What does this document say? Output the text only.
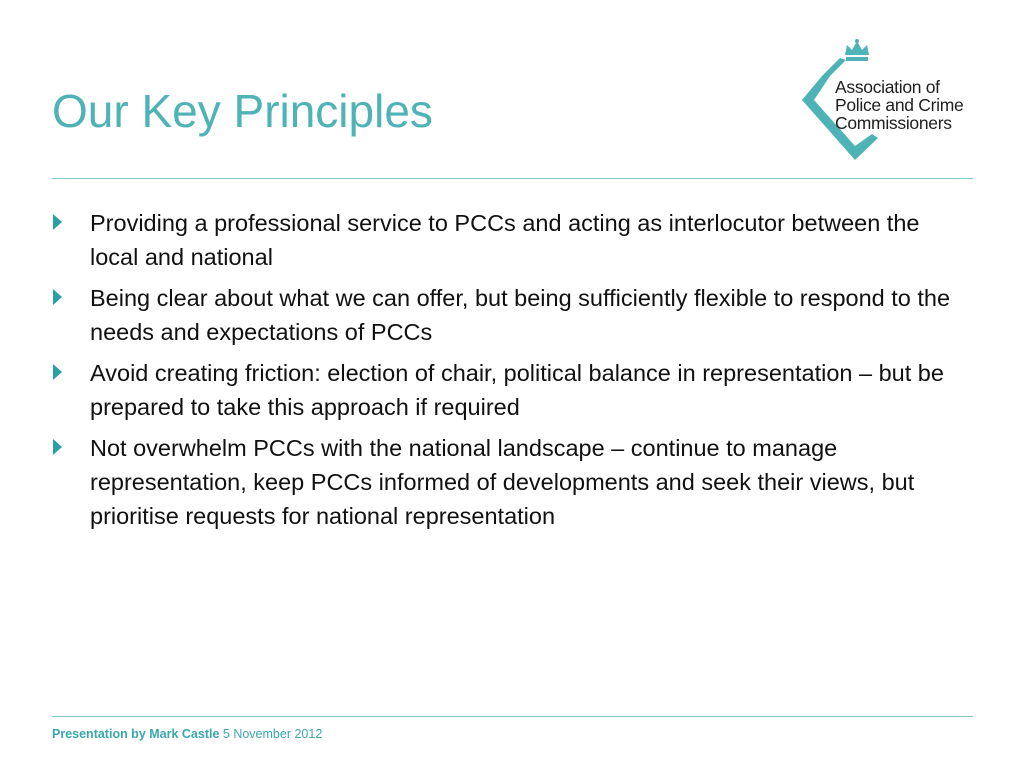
Our Key Principles	Association of
Police and Crime
Commissioners
Providing a professional service to PCCs and acting as interlocutor between the local and national
Being clear about what we can offer, but being sufficiently flexible to respond to the needs and expectations of PCCs
Avoid creating friction: election of chair, political balance in representation – but be prepared to take this approach if required
Not overwhelm PCCs with the national landscape – continue to manage representation, keep PCCs informed of developments and seek their views, but prioritise requests for national representation
Presentation by Mark Castle 5 November 2012
